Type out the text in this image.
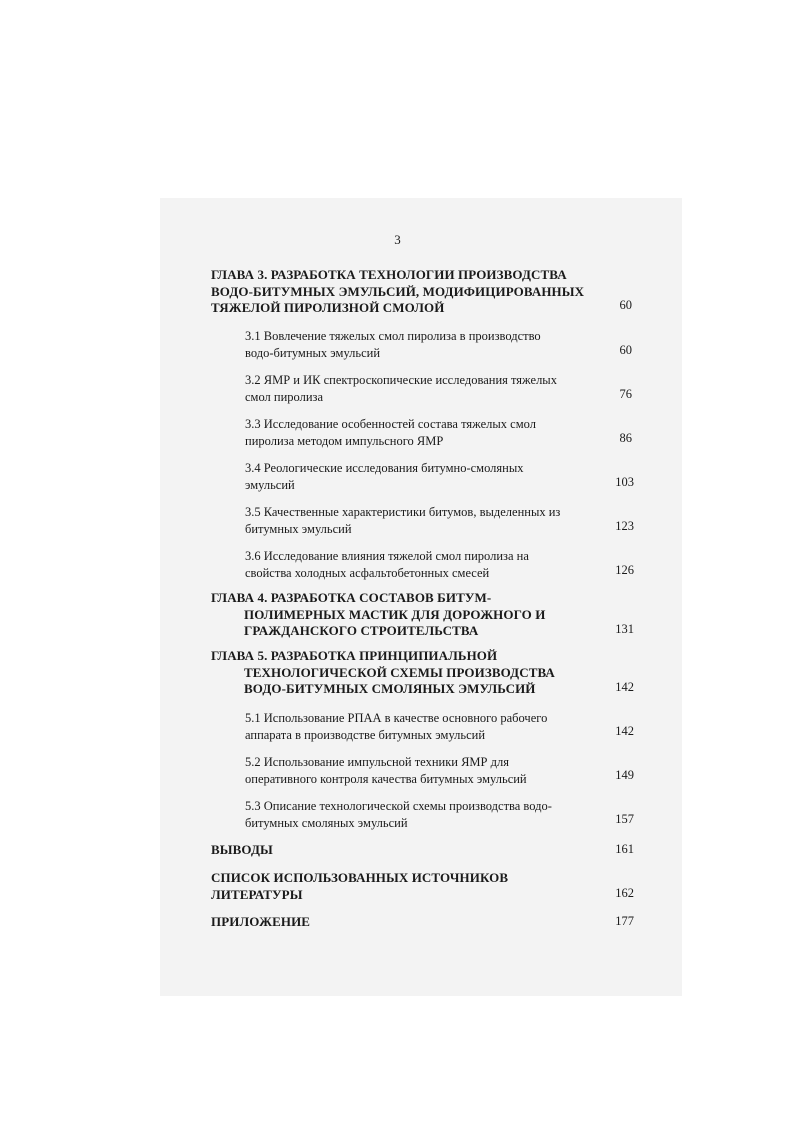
3
ГЛАВА 3. РАЗРАБОТКА ТЕХНОЛОГИИ ПРОИЗВОДСТВА
ВОДО-БИТУМНЫХ ЭМУЛЬСИЙ, МОДИФИЦИРОВАННЫХ
ТЯЖЕЛОЙ ПИРОЛИЗНОЙ СМОЛОЙ	60
3.1 Вовлечение тяжелых смол пиролиза в производство
водо-битумных эмульсий	60
3.2 ЯМР и ИК спектроскопические исследования тяжелых
смол пиролиза	76
3.3 Исследование особенностей состава тяжелых смол
пиролиза методом импульсного ЯМР	86
3.4 Реологические исследования битумно-смоляных
эмульсий	103
3.5 Качественные характеристики битумов, выделенных из
битумных эмульсий	123
3.6 Исследование влияния тяжелой смол пиролиза на
свойства холодных асфальтобетонных смесей	126
ГЛАВА 4. РАЗРАБОТКА СОСТАВОВ БИТУМ-
ПОЛИМЕРНЫХ МАСТИК ДЛЯ ДОРОЖНОГО И
ГРАЖДАНСКОГО СТРОИТЕЛЬСТВА	131
ГЛАВА 5. РАЗРАБОТКА ПРИНЦИПИАЛЬНОЙ
ТЕХНОЛОГИЧЕСКОЙ СХЕМЫ ПРОИЗВОДСТВА
ВОДО-БИТУМНЫХ СМОЛЯНЫХ ЭМУЛЬСИЙ	142
5.1 Использование РПАА в качестве основного рабочего
аппарата в производстве битумных эмульсий	142
5.2 Использование импульсной техники ЯМР для
оперативного контроля качества битумных эмульсий	149
5.3 Описание технологической схемы производства водо-
битумных смоляных эмульсий	157
ВЫВОДЫ	161
СПИСОК ИСПОЛЬЗОВАННЫХ ИСТОЧНИКОВ
ЛИТЕРАТУРЫ	162
ПРИЛОЖЕНИЕ	177
